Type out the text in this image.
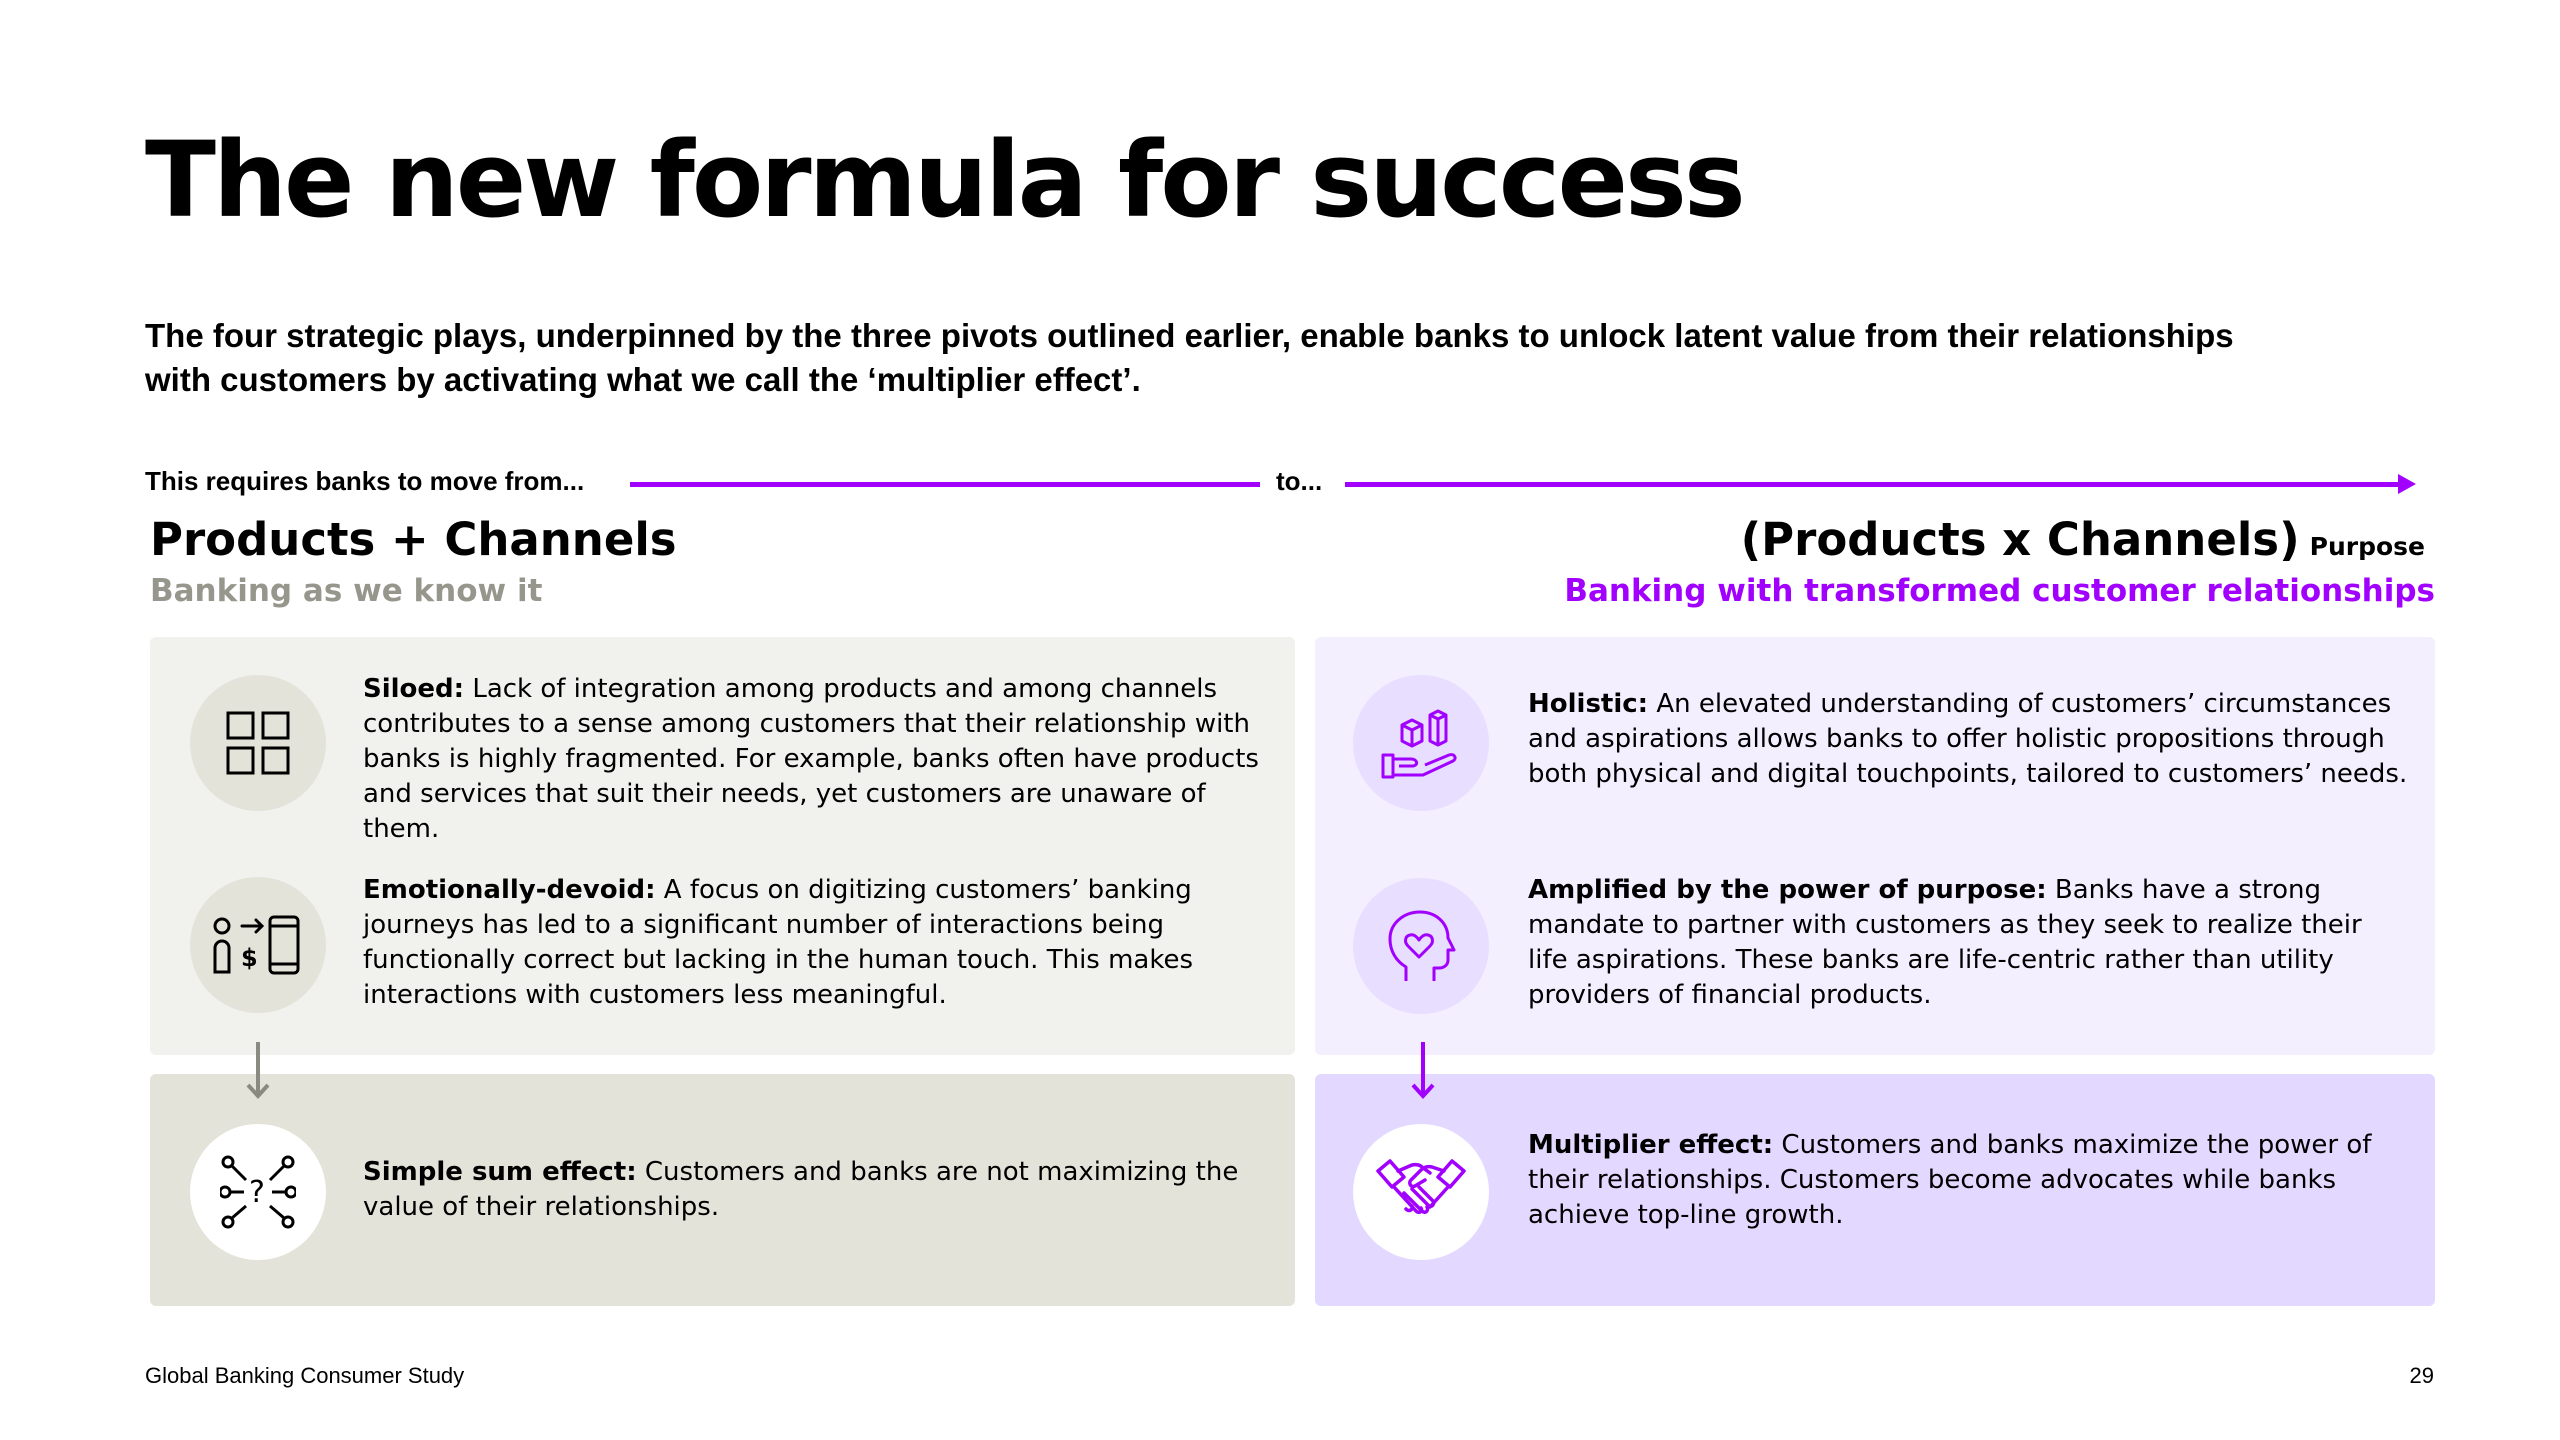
The new formula for success

The four strategic plays, underpinned by the three pivots outlined earlier, enable banks to unlock latent value from their relationships with customers by activating what we call the ‘multiplier effect’.

This requires banks to move from...	to...
Products + Channels
Banking as we know it
(Products x Channels) Purpose
Banking with transformed customer relationships

Siloed: Lack of integration among products and among channels contributes to a sense among customers that their relationship with banks is highly fragmented. For example, banks often have products and services that suit their needs, yet customers are unaware of them.

$

Emotionally-devoid: A focus on digitizing customers’ banking journeys has led to a significant number of interactions being functionally correct but lacking in the human touch. This makes interactions with customers less meaningful.

?

Simple sum effect: Customers and banks are not maximizing the value of their relationships.

Holistic: An elevated understanding of customers’ circumstances and aspirations allows banks to offer holistic propositions through both physical and digital touchpoints, tailored to customers’ needs.

Amplified by the power of purpose: Banks have a strong mandate to partner with customers as they seek to realize their life aspirations. These banks are life-centric rather than utility providers of financial products.

Multiplier effect: Customers and banks maximize the power of their relationships. Customers become advocates while banks achieve top-line growth.

Global Banking Consumer Study	29
